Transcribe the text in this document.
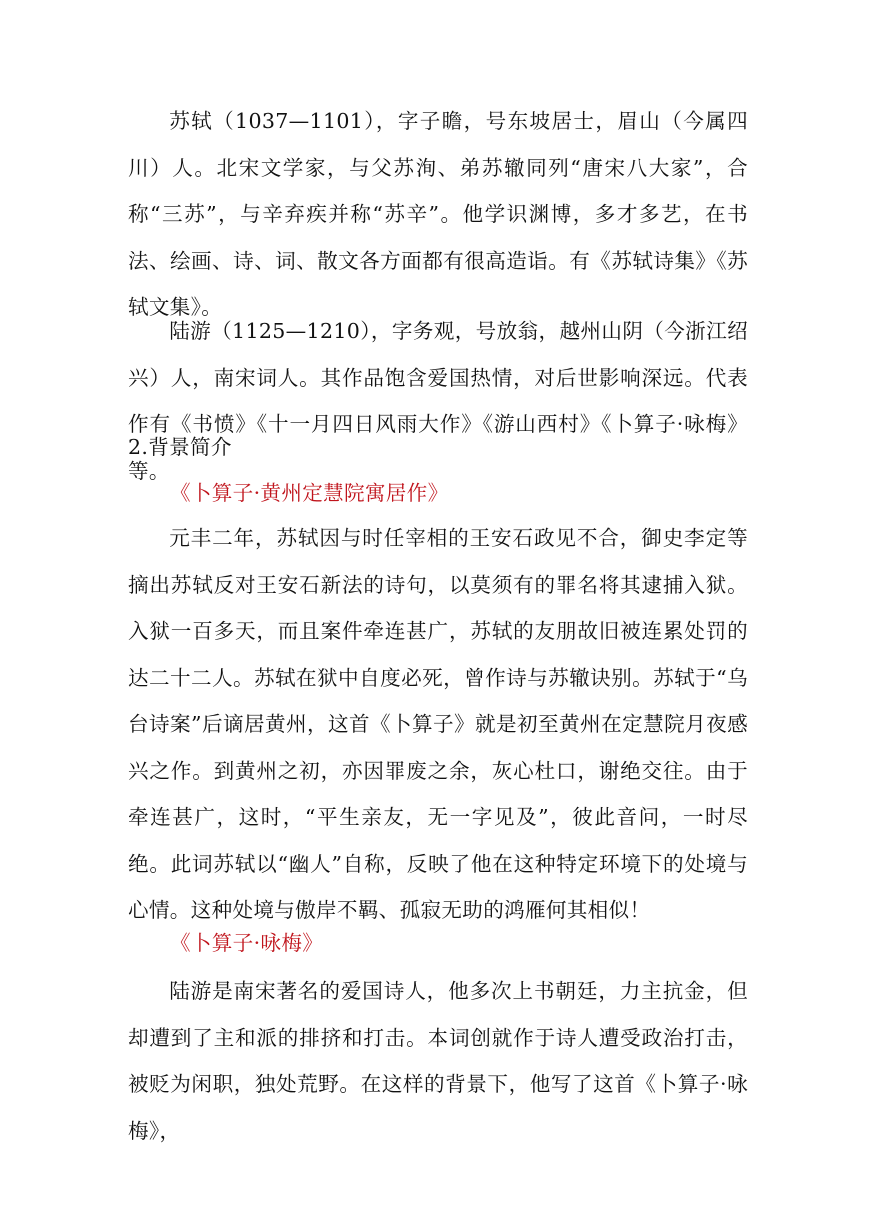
苏轼（1037—1101），字子瞻，号东坡居士，眉山（今属四川）人。北宋文学家，与父苏洵、弟苏辙同列“唐宋八大家”，合称“三苏”，与辛弃疾并称“苏辛”。他学识渊博，多才多艺，在书法、绘画、诗、词、散文各方面都有很高造诣。有《苏轼诗集》《苏轼文集》。

陆游（1125—1210），字务观，号放翁，越州山阴（今浙江绍兴）人，南宋词人。其作品饱含爱国热情，对后世影响深远。代表作有《书愤》《十一月四日风雨大作》《游山西村》《卜算子·咏梅》等。

2.背景简介

《卜算子·黄州定慧院寓居作》

元丰二年，苏轼因与时任宰相的王安石政见不合，御史李定等摘出苏轼反对王安石新法的诗句，以莫须有的罪名将其逮捕入狱。入狱一百多天，而且案件牵连甚广，苏轼的友朋故旧被连累处罚的达二十二人。苏轼在狱中自度必死，曾作诗与苏辙诀别。苏轼于“乌台诗案”后谪居黄州，这首《卜算子》就是初至黄州在定慧院月夜感兴之作。到黄州之初，亦因罪废之余，灰心杜口，谢绝交往。由于牵连甚广，这时，“平生亲友，无一字见及”，彼此音问，一时尽绝。此词苏轼以“幽人”自称，反映了他在这种特定环境下的处境与心情。这种处境与傲岸不羁、孤寂无助的鸿雁何其相似！

《卜算子·咏梅》

陆游是南宋著名的爱国诗人，他多次上书朝廷，力主抗金，但却遭到了主和派的排挤和打击。本词创就作于诗人遭受政治打击，被贬为闲职，独处荒野。在这样的背景下，他写了这首《卜算子·咏梅》，
